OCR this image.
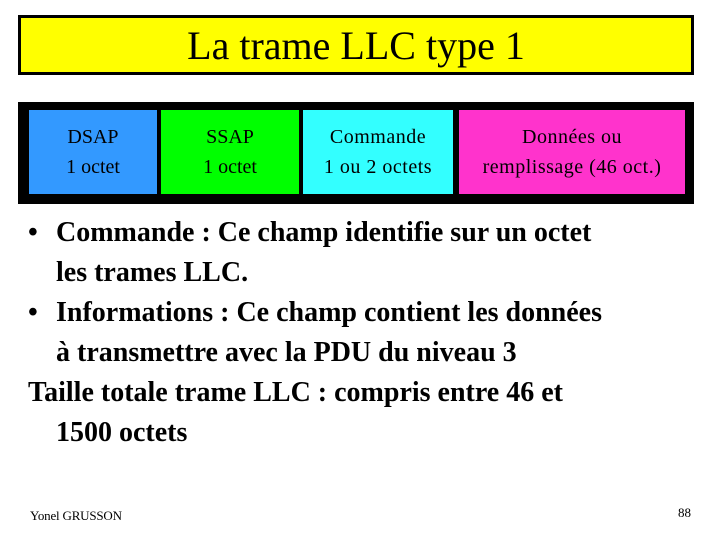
La trame LLC type 1
DSAP
1 octet
SSAP
1 octet
Commande
1 ou 2 octets
Données ou
remplissage (46 oct.)
• Commande : Ce champ identifie sur un octet
les trames LLC.
• Informations : Ce champ contient les données
à transmettre avec la PDU du niveau 3
Taille totale trame LLC : compris entre 46 et
1500 octets
Yonel GRUSSON	88
